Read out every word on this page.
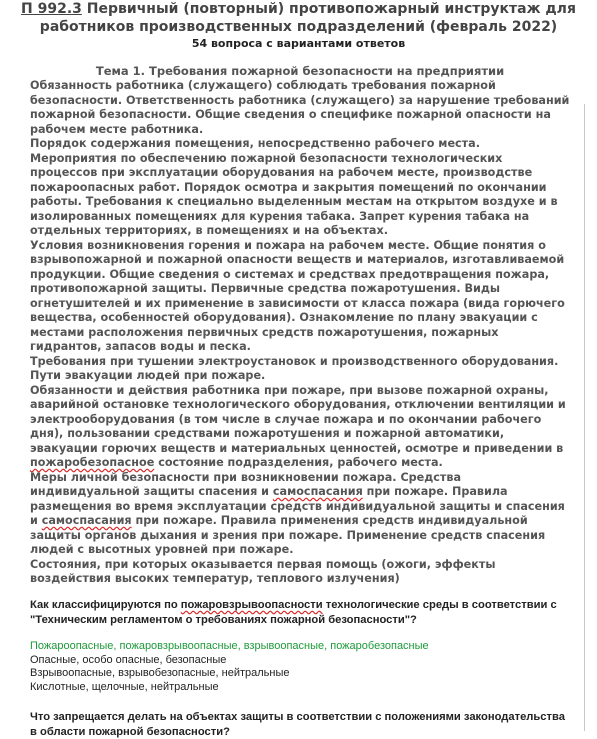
П 992.3 Первичный (повторный) противопожарный инструктаж для работников производственных подразделений (февраль 2022)
54 вопроса с вариантами ответов
Тема 1. Требования пожарной безопасности на предприятии

Обязанность работника (служащего) соблюдать требования пожарной безопасности. Ответственность работника (служащего) за нарушение требований пожарной безопасности. Общие сведения о специфике пожарной опасности на рабочем месте работника.

Порядок содержания помещения, непосредственно рабочего места. Мероприятия по обеспечению пожарной безопасности технологических процессов при эксплуатации оборудования на рабочем месте, производстве пожароопасных работ. Порядок осмотра и закрытия помещений по окончании работы. Требования к специально выделенным местам на открытом воздухе и в изолированных помещениях для курения табака. Запрет курения табака на отдельных территориях, в помещениях и на объектах.

Условия возникновения горения и пожара на рабочем месте. Общие понятия о взрывопожарной и пожарной опасности веществ и материалов, изготавливаемой продукции. Общие сведения о системах и средствах предотвращения пожара, противопожарной защиты. Первичные средства пожаротушения. Виды огнетушителей и их применение в зависимости от класса пожара (вида горючего вещества, особенностей оборудования). Ознакомление по плану эвакуации с местами расположения первичных средств пожаротушения, пожарных гидрантов, запасов воды и песка.

Требования при тушении электроустановок и производственного оборудования. Пути эвакуации людей при пожаре.

Обязанности и действия работника при пожаре, при вызове пожарной охраны, аварийной остановке технологического оборудования, отключении вентиляции и электрооборудования (в том числе в случае пожара и по окончании рабочего дня), пользовании средствами пожаротушения и пожарной автоматики, эвакуации горючих веществ и материальных ценностей, осмотре и приведении в пожаробезопасное состояние подразделения, рабочего места.

Меры личной безопасности при возникновении пожара. Средства индивидуальной защиты спасения и самоспасания при пожаре. Правила размещения во время эксплуатации средств индивидуальной защиты и спасения и самоспасания при пожаре. Правила применения средств индивидуальной защиты органов дыхания и зрения при пожаре. Применение средств спасения людей с высотных уровней при пожаре.

Состояния, при которых оказывается первая помощь (ожоги, эффекты воздействия высоких температур, теплового излучения)

Как классифицируются по пожаровзрывоопасности технологические среды в соответствии с "Техническим регламентом о требованиях пожарной безопасности"?
Пожароопасные, пожаровзрывоопасные, взрывоопасные, пожаробезопасные
Опасные, особо опасные, безопасные
Взрывоопасные, взрывобезопасные, нейтральные
Кислотные, щелочные, нейтральные
Что запрещается делать на объектах защиты в соответствии с положениями законодательства в области пожарной безопасности?
